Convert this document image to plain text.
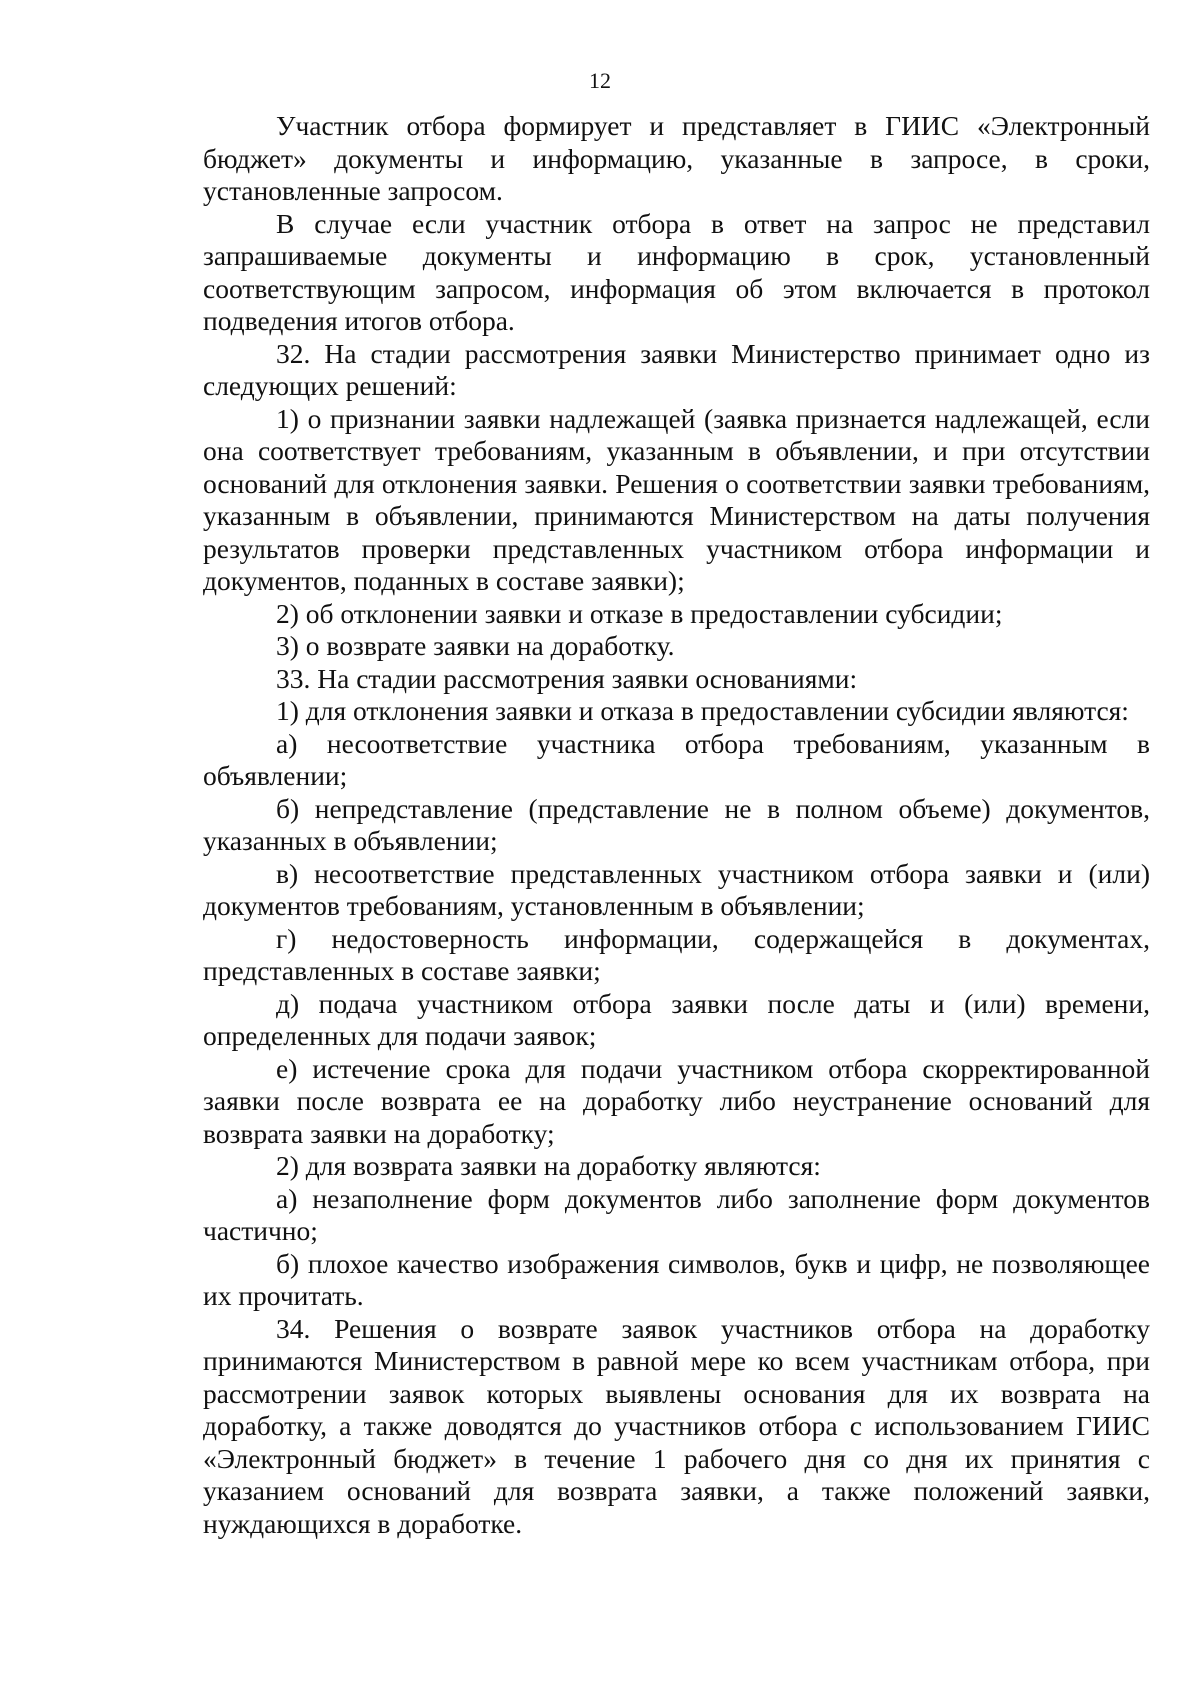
12

Участник отбора формирует и представляет в ГИИС «Электронный бюджет» документы и информацию, указанные в запросе, в сроки, установленные запросом.

В случае если участник отбора в ответ на запрос не представил запрашиваемые документы и информацию в срок, установленный соответствующим запросом, информация об этом включается в протокол подведения итогов отбора.

32. На стадии рассмотрения заявки Министерство принимает одно из следующих решений:

1) о признании заявки надлежащей (заявка признается надлежащей, если она соответствует требованиям, указанным в объявлении, и при отсутствии оснований для отклонения заявки. Решения о соответствии заявки требованиям, указанным в объявлении, принимаются Министерством на даты получения результатов проверки представленных участником отбора информации и документов, поданных в составе заявки);

2) об отклонении заявки и отказе в предоставлении субсидии;

3) о возврате заявки на доработку.

33. На стадии рассмотрения заявки основаниями:

1) для отклонения заявки и отказа в предоставлении субсидии являются:

а) несоответствие участника отбора требованиям, указанным в объявлении;

б) непредставление (представление не в полном объеме) документов, указанных в объявлении;

в) несоответствие представленных участником отбора заявки и (или) документов требованиям, установленным в объявлении;

г) недостоверность информации, содержащейся в документах, представленных в составе заявки;

д) подача участником отбора заявки после даты и (или) времени, определенных для подачи заявок;

е) истечение срока для подачи участником отбора скорректированной заявки после возврата ее на доработку либо неустранение оснований для возврата заявки на доработку;

2) для возврата заявки на доработку являются:

а) незаполнение форм документов либо заполнение форм документов частично;

б) плохое качество изображения символов, букв и цифр, не позволяющее их прочитать.

34. Решения о возврате заявок участников отбора на доработку принимаются Министерством в равной мере ко всем участникам отбора, при рассмотрении заявок которых выявлены основания для их возврата на доработку, а также доводятся до участников отбора с использованием ГИИС «Электронный бюджет» в течение 1 рабочего дня со дня их принятия с указанием оснований для возврата заявки, а также положений заявки, нуждающихся в доработке.
